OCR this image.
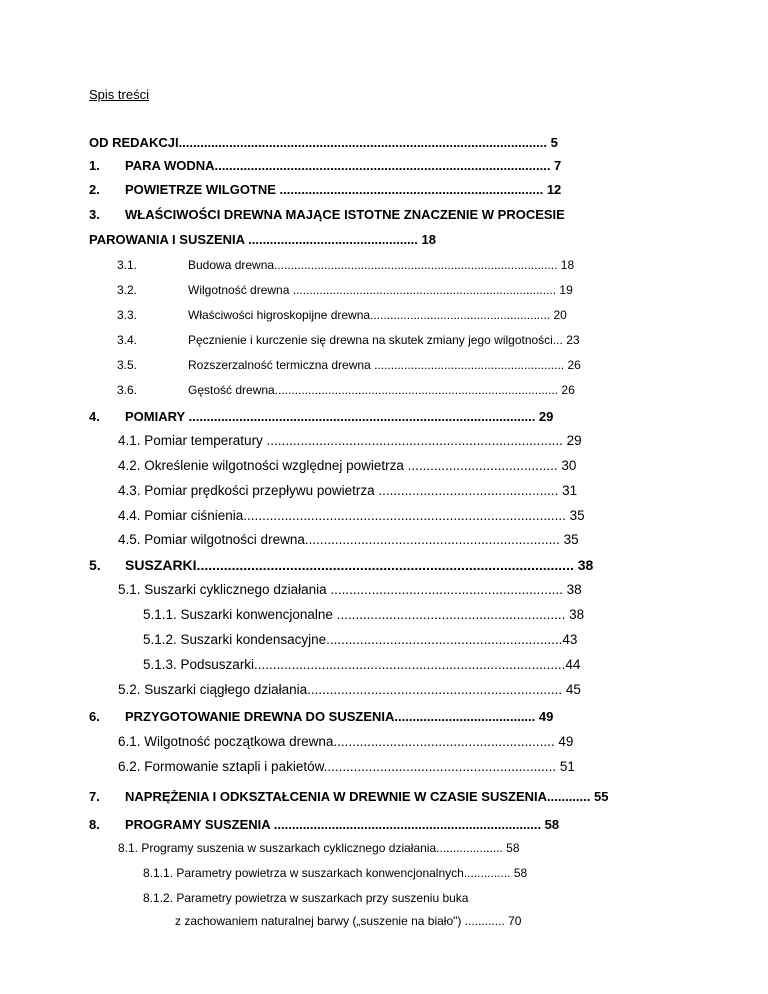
Spis treści
OD REDAKCJI...................................................................................................... 5
1. PARA WODNA............................................................................................. 7
2. POWIETRZE WILGOTNE ......................................................................... 12
3. WŁAŚCIWOŚCI DREWNA MAJĄCE ISTOTNE ZNACZENIE W PROCESIE
PAROWANIA I SUSZENIA ............................................... 18
3.1.	Budowa drewna..................................................................................... 18
3.2.	Wilgotność drewna ............................................................................... 19
3.3.	Właściwości higroskopijne drewna...................................................... 20
3.4.	Pęcznienie i kurczenie się drewna na skutek zmiany jego wilgotności... 23
3.5.	Rozszerzalność termiczna drewna ......................................................... 26
3.6.	Gęstość drewna..................................................................................... 26
4. POMIARY ................................................................................................ 29
4.1. Pomiar temperatury ............................................................................... 29
4.2. Określenie wilgotności względnej powietrza ........................................ 30
4.3. Pomiar prędkości przepływu powietrza ................................................ 31
4.4. Pomiar ciśnienia...................................................................................... 35
4.5. Pomiar wilgotności drewna.................................................................... 35
5. SUSZARKI................................................................................................. 38
5.1. Suszarki cyklicznego działania .............................................................. 38
5.1.1. Suszarki konwencjonalne ............................................................. 38
5.1.2. Suszarki kondensacyjne...............................................................43
5.1.3. Podsuszarki...................................................................................44
5.2. Suszarki ciągłego działania.................................................................... 45
6. PRZYGOTOWANIE DREWNA DO SUSZENIA....................................... 49
6.1. Wilgotność początkowa drewna........................................................... 49
6.2. Formowanie sztapli i pakietów.............................................................. 51
7. NAPRĘŻENIA I ODKSZTAŁCENIA W DREWNIE W CZASIE SUSZENIA............ 55
8. PROGRAMY SUSZENIA .......................................................................... 58
8.1. Programy suszenia w suszarkach cyklicznego działania.................... 58
8.1.1. Parametry powietrza w suszarkach konwencjonalnych.............. 58
8.1.2. Parametry powietrza w suszarkach przy suszeniu buka
z zachowaniem naturalnej barwy („suszenie na biało") ............ 70
